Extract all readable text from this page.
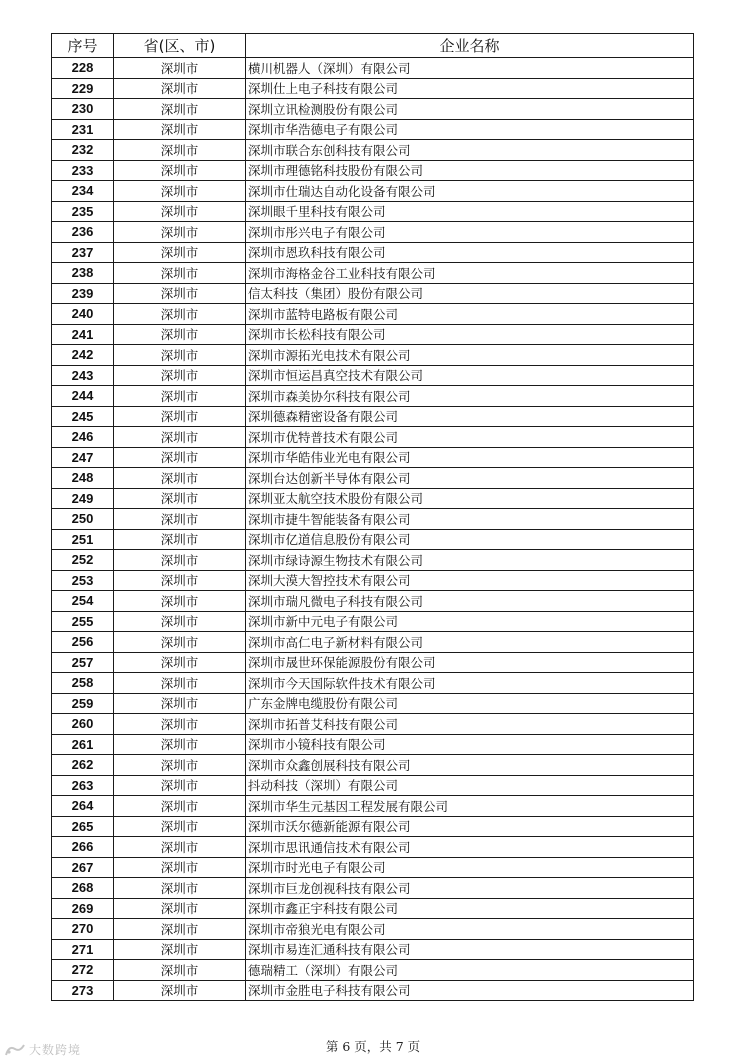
序号	省(区、市)	企业名称
228	深圳市	横川机器人（深圳）有限公司
229	深圳市	深圳仕上电子科技有限公司
230	深圳市	深圳立讯检测股份有限公司
231	深圳市	深圳市华浩德电子有限公司
232	深圳市	深圳市联合东创科技有限公司
233	深圳市	深圳市理德铭科技股份有限公司
234	深圳市	深圳市仕瑞达自动化设备有限公司
235	深圳市	深圳眼千里科技有限公司
236	深圳市	深圳市彤兴电子有限公司
237	深圳市	深圳市恩玖科技有限公司
238	深圳市	深圳市海格金谷工业科技有限公司
239	深圳市	信太科技（集团）股份有限公司
240	深圳市	深圳市蓝特电路板有限公司
241	深圳市	深圳市长松科技有限公司
242	深圳市	深圳市源拓光电技术有限公司
243	深圳市	深圳市恒运昌真空技术有限公司
244	深圳市	深圳市森美协尔科技有限公司
245	深圳市	深圳德森精密设备有限公司
246	深圳市	深圳市优特普技术有限公司
247	深圳市	深圳市华皓伟业光电有限公司
248	深圳市	深圳台达创新半导体有限公司
249	深圳市	深圳亚太航空技术股份有限公司
250	深圳市	深圳市捷牛智能装备有限公司
251	深圳市	深圳市亿道信息股份有限公司
252	深圳市	深圳市绿诗源生物技术有限公司
253	深圳市	深圳大漠大智控技术有限公司
254	深圳市	深圳市瑞凡微电子科技有限公司
255	深圳市	深圳市新中元电子有限公司
256	深圳市	深圳市高仁电子新材料有限公司
257	深圳市	深圳市晟世环保能源股份有限公司
258	深圳市	深圳市今天国际软件技术有限公司
259	深圳市	广东金牌电缆股份有限公司
260	深圳市	深圳市拓普艾科技有限公司
261	深圳市	深圳市小镜科技有限公司
262	深圳市	深圳市众鑫创展科技有限公司
263	深圳市	抖动科技（深圳）有限公司
264	深圳市	深圳市华生元基因工程发展有限公司
265	深圳市	深圳市沃尔德新能源有限公司
266	深圳市	深圳市思讯通信技术有限公司
267	深圳市	深圳市时光电子有限公司
268	深圳市	深圳市巨龙创视科技有限公司
269	深圳市	深圳市鑫正宇科技有限公司
270	深圳市	深圳市帝狼光电有限公司
271	深圳市	深圳市易连汇通科技有限公司
272	深圳市	德瑞精工（深圳）有限公司
273	深圳市	深圳市金胜电子科技有限公司
第 6 页，共 7 页
大数跨境
